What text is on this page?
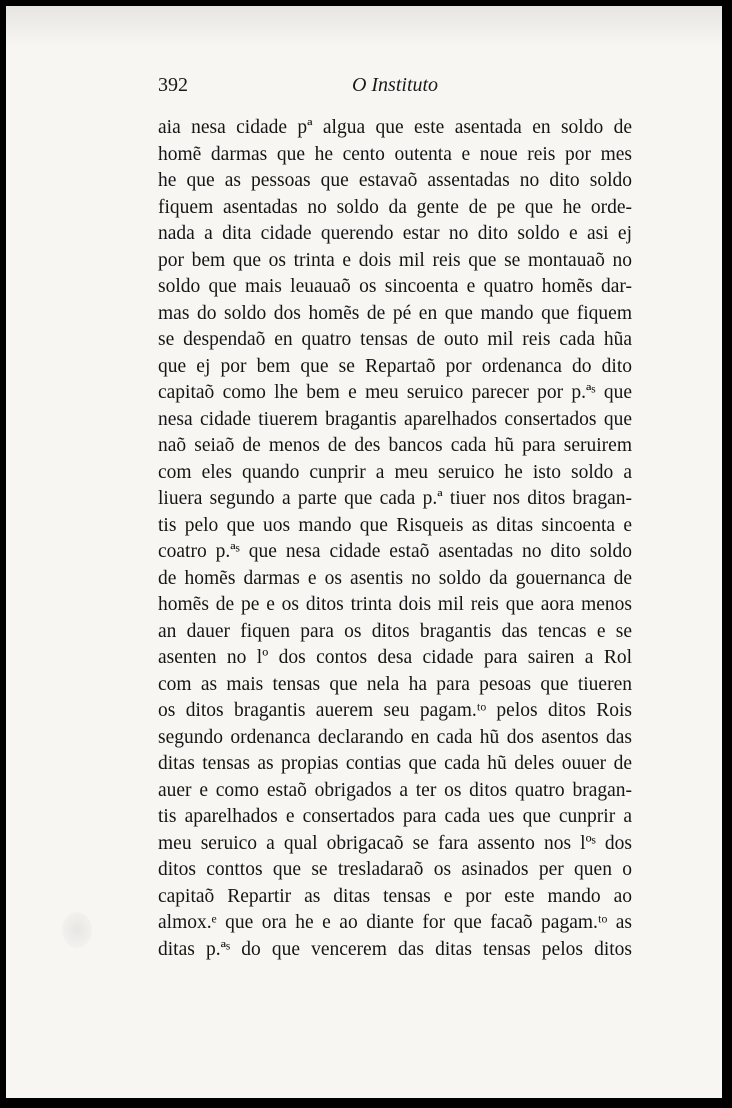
392	O Instituto
aia nesa cidade pª algua que este asentada en soldo de
homẽ darmas que he cento outenta e noue reis por mes
he que as pessoas que estavaõ assentadas no dito soldo
fiquem asentadas no soldo da gente de pe que he orde-
nada a dita cidade querendo estar no dito soldo e asi ej
por bem que os trinta e dois mil reis que se montauaõ no
soldo que mais leuauaõ os sincoenta e quatro homẽs dar-
mas do soldo dos homẽs de pé en que mando que fiquem
se despendaõ en quatro tensas de outo mil reis cada hũa
que ej por bem que se Repartaõ por ordenanca do dito
capitaõ como lhe bem e meu seruico parecer por p.ªˢ que
nesa cidade tiuerem bragantis aparelhados consertados que
naõ seiaõ de menos de des bancos cada hũ para seruirem
com eles quando cunprir a meu seruico he isto soldo a
liuera segundo a parte que cada p.ª tiuer nos ditos bragan-
tis pelo que uos mando que Risqueis as ditas sincoenta e
coatro p.ªˢ que nesa cidade estaõ asentadas no dito soldo
de homẽs darmas e os asentis no soldo da gouernanca de
homẽs de pe e os ditos trinta dois mil reis que aora menos
an dauer fiquen para os ditos bragantis das tencas e se
asenten no lº dos contos desa cidade para sairen a Rol
com as mais tensas que nela ha para pesoas que tiueren
os ditos bragantis auerem seu pagam.ᵗᵒ pelos ditos Rois
segundo ordenanca declarando en cada hũ dos asentos das
ditas tensas as propias contias que cada hũ deles ouuer de
auer e como estaõ obrigados a ter os ditos quatro bragan-
tis aparelhados e consertados para cada ues que cunprir a
meu seruico a qual obrigacaõ se fara assento nos lºˢ dos
ditos conttos que se tresladaraõ os asinados per quen o
capitaõ Repartir as ditas tensas e por este mando ao
almox.ᵉ que ora he e ao diante for que facaõ pagam.ᵗᵒ as
ditas p.ªˢ do que vencerem das ditas tensas pelos ditos
